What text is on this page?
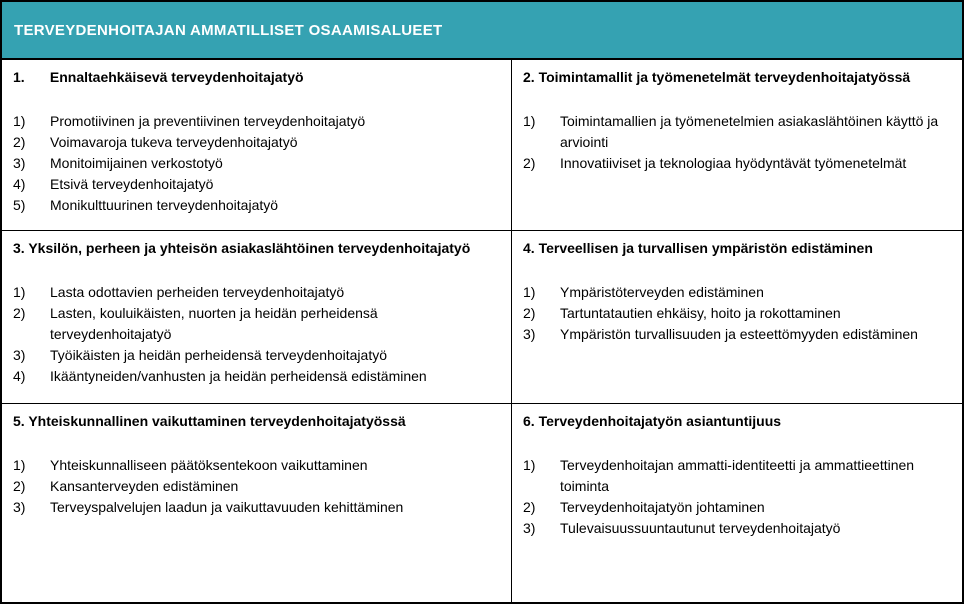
TERVEYDENHOITAJAN AMMATILLISET OSAAMISALUEET
1. Ennaltaehkäisevä terveydenhoitajatyö
1)	Promotiivinen ja preventiivinen terveydenhoitajatyö
2)	Voimavaroja tukeva terveydenhoitajatyö
3)	Monitoimijainen verkostotyö
4)	Etsivä terveydenhoitajatyö
5)	Monikulttuurinen terveydenhoitajatyö
2. Toimintamallit ja työmenetelmät terveydenhoitajatyössä
1)	Toimintamallien ja työmenetelmien asiakaslähtöinen käyttö ja arviointi
2)	Innovatiiviset ja teknologiaa hyödyntävät työmenetelmät
3. Yksilön, perheen ja yhteisön asiakaslähtöinen terveydenhoitajatyö
1)	Lasta odottavien perheiden terveydenhoitajatyö
2)	Lasten, kouluikäisten, nuorten ja heidän perheidensä terveydenhoitajatyö
3)	Työikäisten ja heidän perheidensä terveydenhoitajatyö
4)	Ikääntyneiden/vanhusten ja heidän perheidensä edistäminen
4. Terveellisen ja turvallisen ympäristön edistäminen
1)	Ympäristöterveyden edistäminen
2)	Tartuntatautien ehkäisy, hoito ja rokottaminen
3)	Ympäristön turvallisuuden ja esteettömyyden edistäminen
5. Yhteiskunnallinen vaikuttaminen terveydenhoitajatyössä
1)	Yhteiskunnalliseen päätöksentekoon vaikuttaminen
2)	Kansanterveyden edistäminen
3)	Terveyspalvelujen laadun ja vaikuttavuuden kehittäminen
6. Terveydenhoitajatyön asiantuntijuus
1)	Terveydenhoitajan ammatti-identiteetti ja ammattieettinen toiminta
2)	Terveydenhoitajatyön johtaminen
3)	Tulevaisuussuuntautunut terveydenhoitajatyö
